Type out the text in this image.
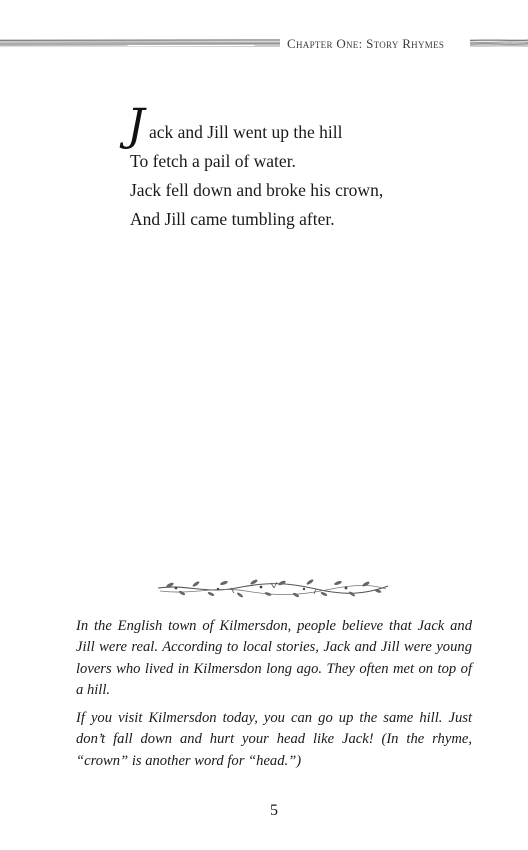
Chapter One: Story Rhymes
J ack and Jill went up the hill
To fetch a pail of water.
Jack fell down and broke his crown,
And Jill came tumbling after.

In the English town of Kilmersdon, people believe that Jack and Jill were real. According to local stories, Jack and Jill were young lovers who lived in Kilmersdon long ago. They often met on top of a hill.

If you visit Kilmersdon today, you can go up the same hill. Just don’t fall down and hurt your head like Jack! (In the rhyme, “crown” is another word for “head.”)

5
